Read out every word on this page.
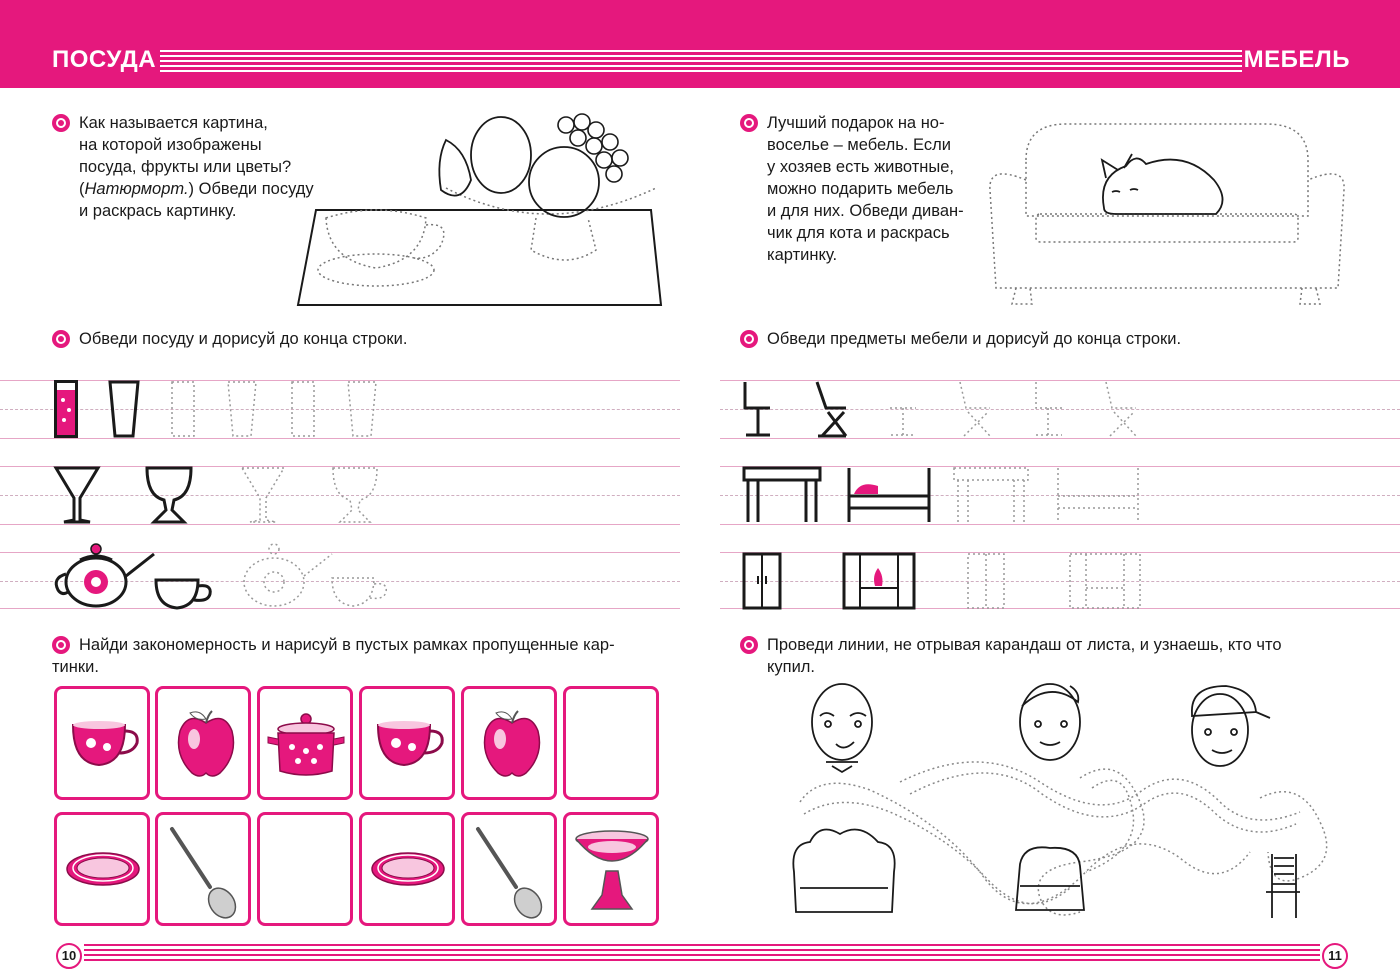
ПОСУДА	МЕБЕЛЬ
Как называется картина,
на которой изображены
посуда, фрукты или цветы?
(Натюрморт.) Обведи посуду
и раскрась картинку.
Обведи посуду и дорисуй до конца строки.
Найди закономерность и нарисуй в пустых рамках пропущенные кар-
тинки.
Лучший подарок на но-
воселье – мебель. Если
у хозяев есть животные,
можно подарить мебель
и для них. Обведи диван-
чик для кота и раскрась
картинку.
Обведи предметы мебели и дорисуй до конца строки.
Проведи линии, не отрывая карандаш от листа, и узнаешь, кто что
купил.
10	11
